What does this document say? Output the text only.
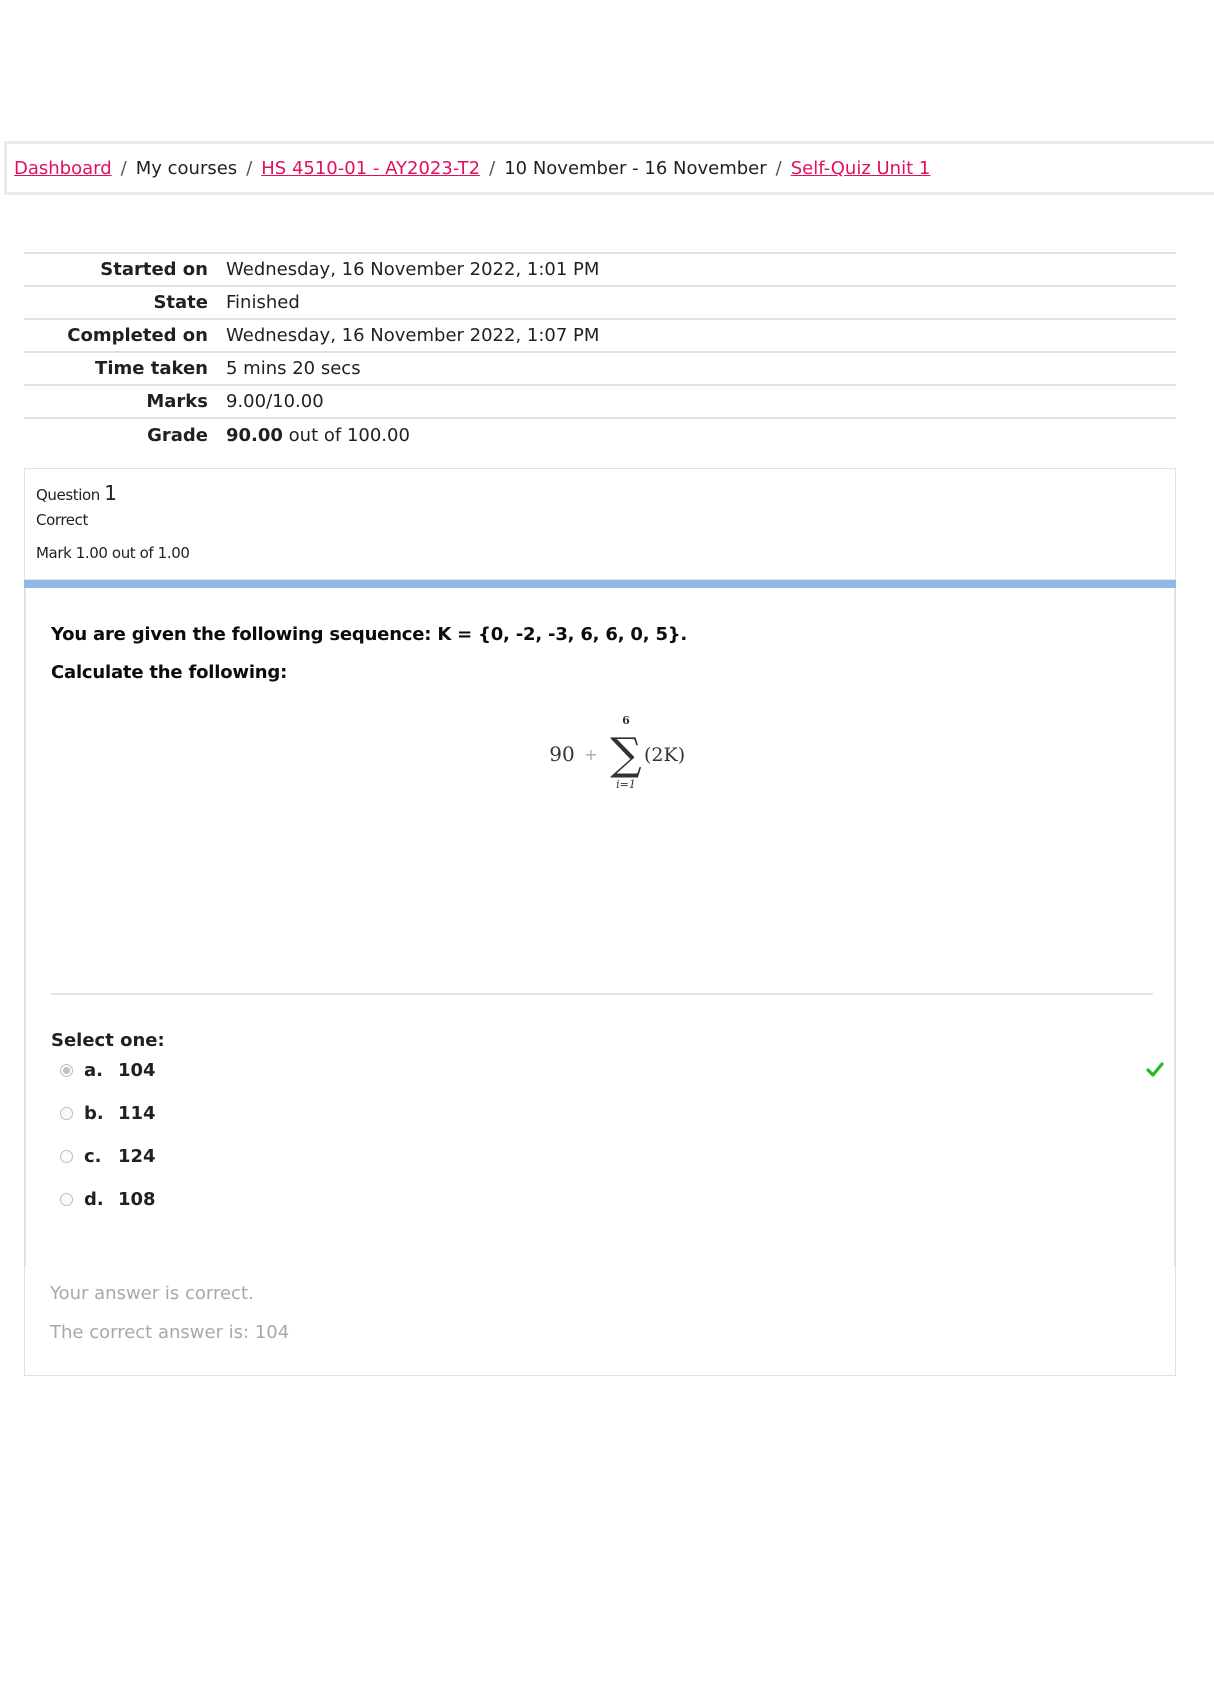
Dashboard / My courses / HS 4510-01 - AY2023-T2 / 10 November - 16 November / Self-Quiz Unit 1
Started on	Wednesday, 16 November 2022, 1:01 PM
State	Finished
Completed on	Wednesday, 16 November 2022, 1:07 PM
Time taken	5 mins 20 secs
Marks	9.00/10.00
Grade	90.00 out of 100.00
Question 1
Correct
Mark 1.00 out of 1.00
You are given the following sequence: K = {0, -2, -3, 6, 6, 0, 5}.
Calculate the following:
90 +
6
∑
i=1
(2K)
Select one:
a. 104
b. 114
c. 124
d. 108
Your answer is correct.
The correct answer is: 104
